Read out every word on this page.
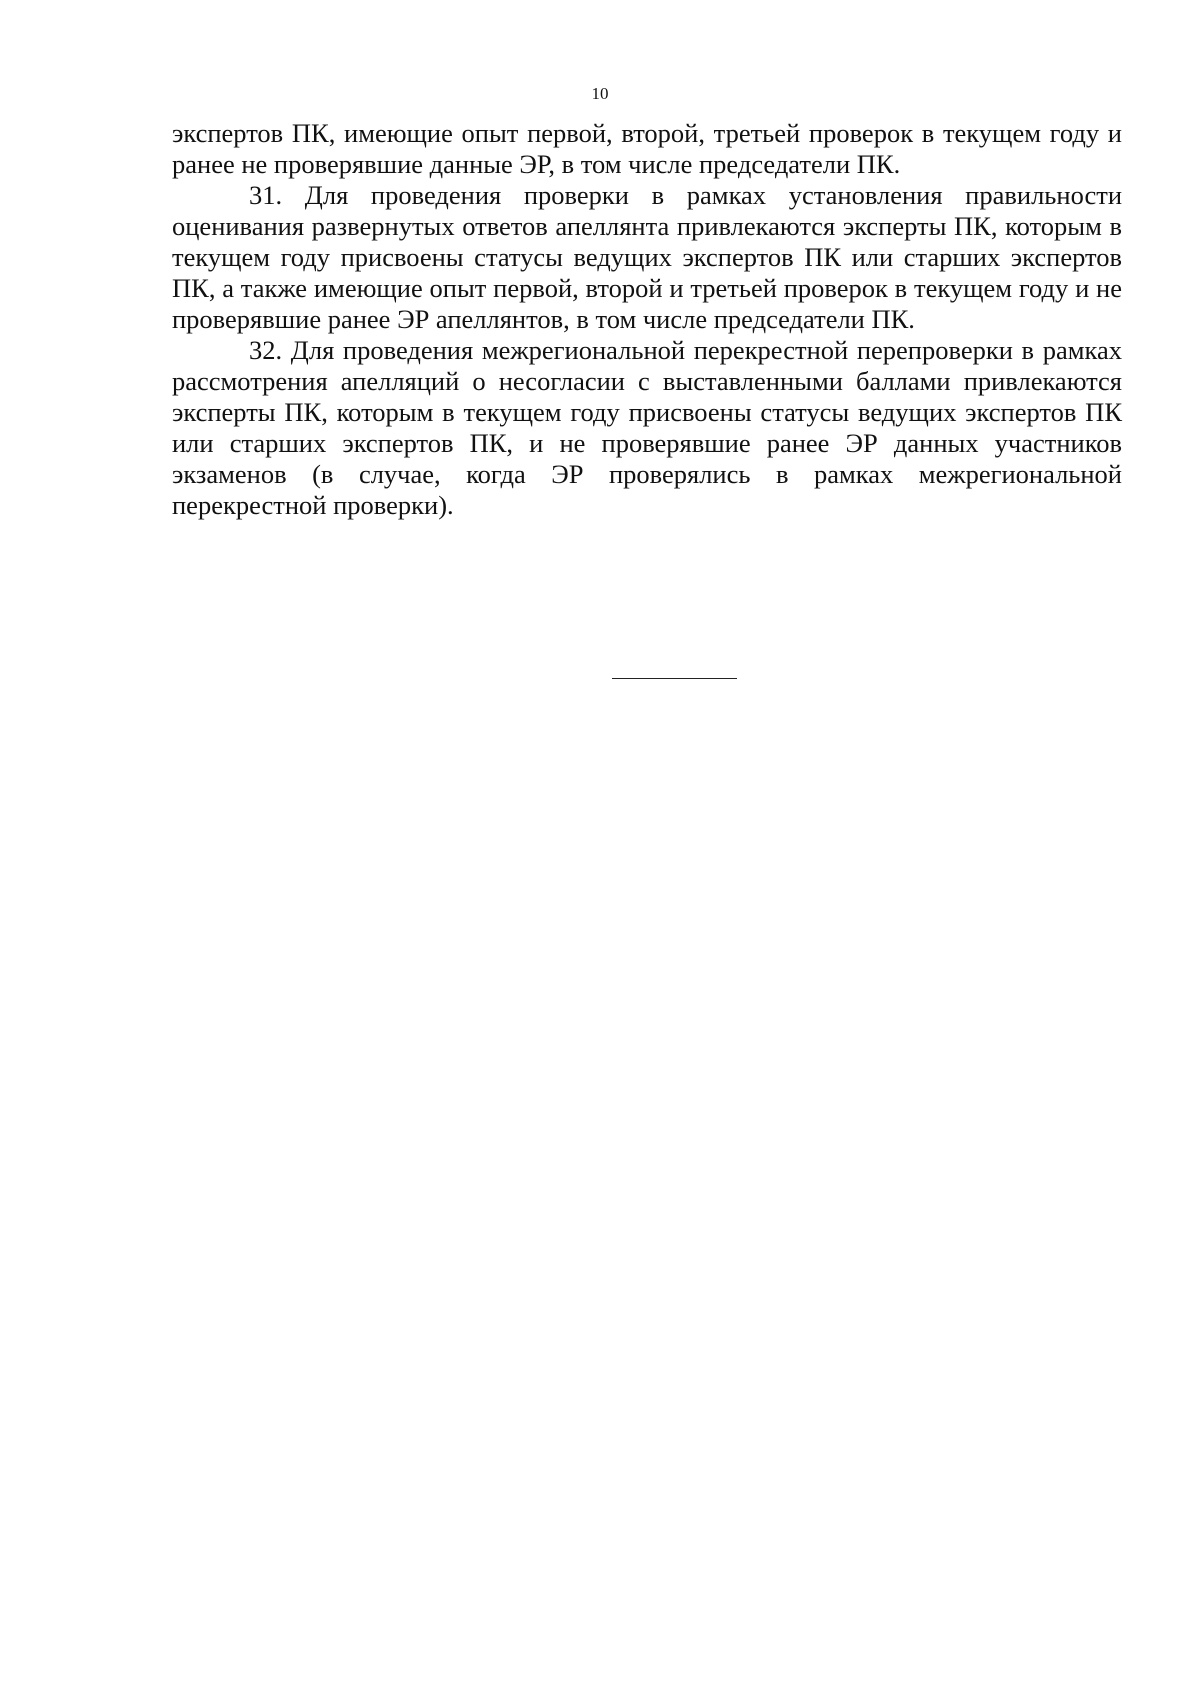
10

экспертов ПК, имеющие опыт первой, второй, третьей проверок в текущем году и ранее не проверявшие данные ЭР, в том числе председатели ПК.

31. Для проведения проверки в рамках установления правильности оценивания развернутых ответов апеллянта привлекаются эксперты ПК, которым в текущем году присвоены статусы ведущих экспертов ПК или старших экспертов ПК, а также имеющие опыт первой, второй и третьей проверок в текущем году и не проверявшие ранее ЭР апеллянтов, в том числе председатели ПК.

32. Для проведения межрегиональной перекрестной перепроверки в рамках рассмотрения апелляций о несогласии с выставленными баллами привлекаются эксперты ПК, которым в текущем году присвоены статусы ведущих экспертов ПК или старших экспертов ПК, и не проверявшие ранее ЭР данных участников экзаменов (в случае, когда ЭР проверялись в рамках межрегиональной перекрестной проверки).
